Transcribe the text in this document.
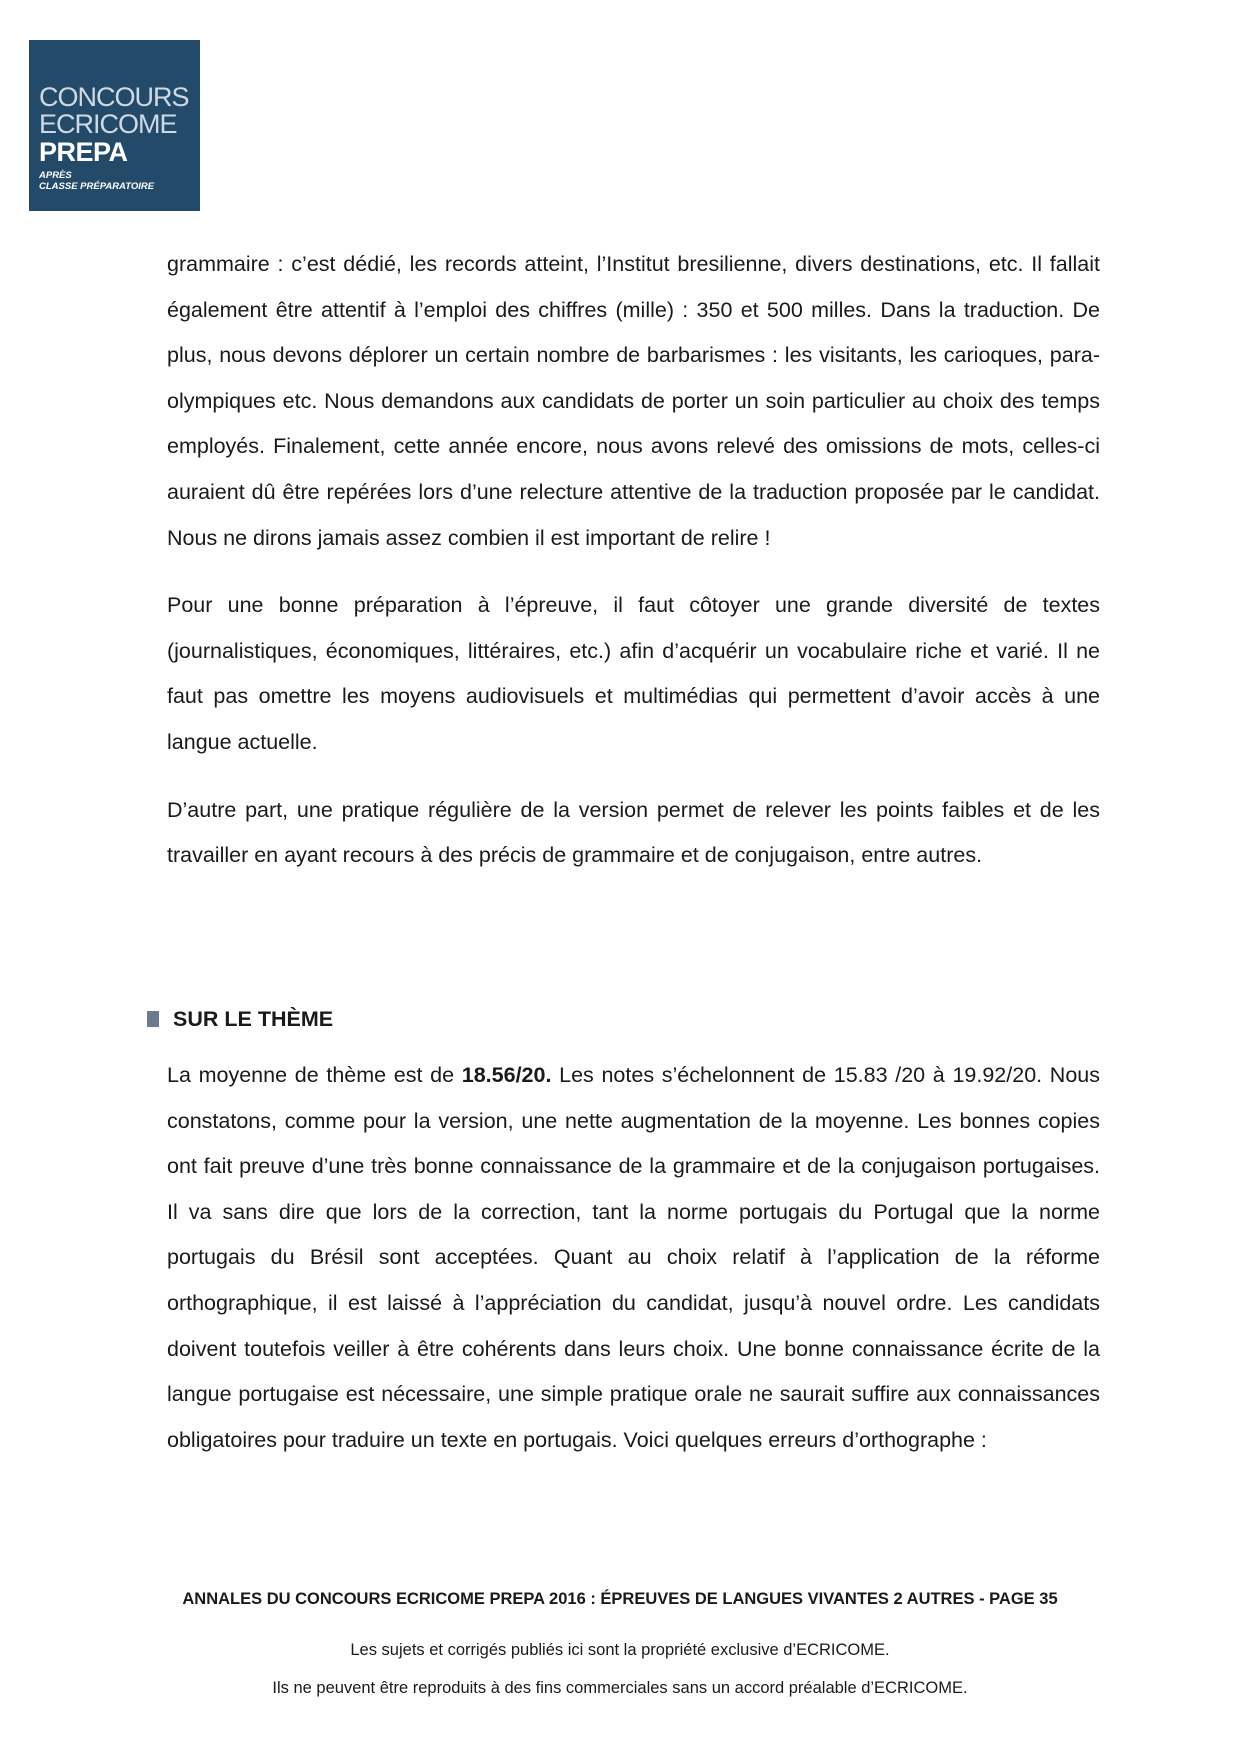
CONCOURS
ECRICOME
PREPA
APRÈS
CLASSE PRÉPARATOIRE

grammaire : c’est dédié, les records atteint, l’Institut bresilienne, divers destinations, etc. Il fallait également être attentif à l’emploi des chiffres (mille) : 350 et 500 milles. Dans la traduction. De plus, nous devons déplorer un certain nombre de barbarismes : les visitants, les carioques, para-olympiques etc. Nous demandons aux candidats de porter un soin particulier au choix des temps employés. Finalement, cette année encore, nous avons relevé des omissions de mots, celles-ci auraient dû être repérées lors d’une relecture attentive de la traduction proposée par le candidat. Nous ne dirons jamais assez combien il est important de relire !

Pour une bonne préparation à l’épreuve, il faut côtoyer une grande diversité de textes (journalistiques, économiques, littéraires, etc.) afin d’acquérir un vocabulaire riche et varié. Il ne faut pas omettre les moyens audiovisuels et multimédias qui permettent d’avoir accès à une langue actuelle.

D’autre part, une pratique régulière de la version permet de relever les points faibles et de les travailler en ayant recours à des précis de grammaire et de conjugaison, entre autres.

SUR LE THÈME

La moyenne de thème est de 18.56/20. Les notes s’échelonnent de 15.83 /20 à 19.92/20. Nous constatons, comme pour la version, une nette augmentation de la moyenne. Les bonnes copies ont fait preuve d’une très bonne connaissance de la grammaire et de la conjugaison portugaises. Il va sans dire que lors de la correction, tant la norme portugais du Portugal que la norme portugais du Brésil sont acceptées. Quant au choix relatif à l’application de la réforme orthographique, il est laissé à l’appréciation du candidat, jusqu’à nouvel ordre. Les candidats doivent toutefois veiller à être cohérents dans leurs choix. Une bonne connaissance écrite de la langue portugaise est nécessaire, une simple pratique orale ne saurait suffire aux connaissances obligatoires pour traduire un texte en portugais. Voici quelques erreurs d’orthographe :

ANNALES DU CONCOURS ECRICOME PREPA 2016 : ÉPREUVES DE LANGUES VIVANTES 2 AUTRES - PAGE 35
Les sujets et corrigés publiés ici sont la propriété exclusive d’ECRICOME.
Ils ne peuvent être reproduits à des fins commerciales sans un accord préalable d’ECRICOME.
